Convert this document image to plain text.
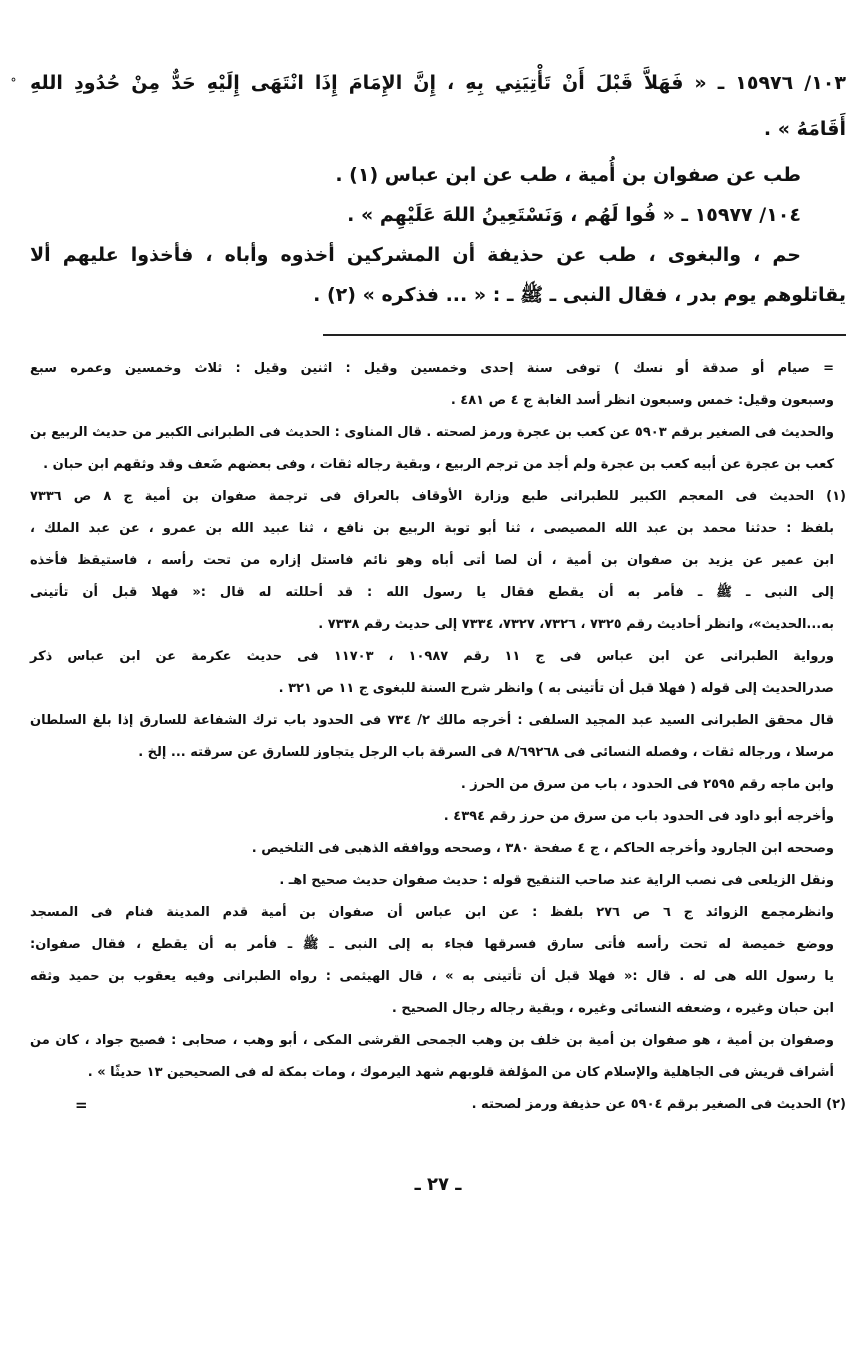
١٠٣/ ١٥٩٧٦ ـ « فَهَلاَّ قَبْلَ أَنْ تَأْتِيَنِي بِهِ ، إِنَّ الإِمَامَ إِذَا انْتَهَى إِلَيْهِ حَدٌّ مِنْ حُدُودِ اللهِ
أَقَامَهُ » .
طب عن صفوان بن أُمية ، طب عن ابن عباس (١) .
١٠٤/ ١٥٩٧٧ ـ « فُوا لَهُم ، وَنَسْتَعِينُ اللهَ عَلَيْهِم » .
حم ، والبغوى ، طب عن حذيفة أن المشركين أخذوه وأباه ، فأخذوا عليهم ألا
يقاتلوهم يوم بدر ، فقال النبى ـ ﷺ ـ : « ... فذكره » (٢) .
= صيام أو صدقة أو نسك ) توفى سنة إحدى وخمسين وقيل : اثنين وقيل : ثلاث وخمسين وعمره سبع
وسبعون وقيل: خمس وسبعون انظر أسد الغابة ج ٤ ص ٤٨١ .
والحديث فى الصغير برقم ٥٩٠٣ عن كعب بن عجرة ورمز لصحته . قال المناوى : الحديث فى الطبرانى الكبير من حديث الربيع بن
كعب بن عجرة عن أبيه كعب بن عجرة ولم أجد من ترجم الربيع ، وبقية رجاله ثقات ، وفى بعضهم ضَعف وقد وثقهم ابن حبان .
(١) الحديث فى المعجم الكبير للطبرانى طبع وزارة الأوقاف بالعراق فى ترجمة صفوان بن أمية ج ٨ ص ٧٣٣٦
بلفظ : حدثنا محمد بن عبد الله المصيصى ، ثنا أبو توبة الربيع بن نافع ، ثنا عبيد الله بن عمرو ، عن عبد الملك ،
ابن عمير عن يزيد بن صفوان بن أمية ، أن لصا أتى أباه وهو نائم فاستل إزاره من تحت رأسه ، فاستيقظ فأخذه
إلى النبى ـ ﷺ ـ فأمر به أن يقطع فقال يا رسول الله : قد أحللته له قال :« فهلا قبل أن تأتينى
به...الحديث»، وانظر أحاديث رقم ٧٣٢٥ ، ٧٣٢٦، ٧٣٢٧، ٧٣٣٤ إلى حديث رقم ٧٣٣٨ .
ورواية الطبرانى عن ابن عباس فى ج ١١ رقم ١٠٩٨٧ ، ١١٧٠٣ فى حديث عكرمة عن ابن عباس ذكر
صدرالحديث إلى قوله ( فهلا قبل أن تأتينى به ) وانظر شرح السنة للبغوى ج ١١ ص ٣٢١ .
قال محقق الطبرانى السيد عبد المجيد السلفى : أخرجه مالك ٢/ ٧٣٤ فى الحدود باب ترك الشفاعة للسارق إذا بلغ السلطان
مرسلا ، ورجاله ثقات ، وفصله النسائى فى ٨/٦٩٢٦٨ فى السرقة باب الرجل يتجاوز للسارق عن سرقته ... إلخ .
وابن ماجه رقم ٢٥٩٥ فى الحدود ، باب من سرق من الحرز .
وأخرجه أبو داود فى الحدود باب من سرق من حرز رقم ٤٣٩٤ .
وصححه ابن الجارود وأخرجه الحاكم ، ج ٤ صفحة ٣٨٠ ، وصححه ووافقه الذهبى فى التلخيص .
ونقل الزيلعى فى نصب الراية عند صاحب التنقيح قوله : حديث صفوان حديث صحيح اهـ .
وانظرمجمع الزوائد ج ٦ ص ٢٧٦ بلفظ : عن ابن عباس أن صفوان بن أمية قدم المدينة فنام فى المسجد
ووضع خميصة له تحت رأسه فأتى سارق فسرقها فجاء به إلى النبى ـ ﷺ ـ فأمر به أن يقطع ، فقال صفوان:
يا رسول الله هى له . قال :« فهلا قبل أن تأتينى به » ، قال الهيثمى : رواه الطبرانى وفيه يعقوب بن حميد وثقه
ابن حبان وغيره ، وضعفه النسائى وغيره ، وبقية رجاله رجال الصحيح .
وصفوان بن أمية ، هو صفوان بن أمية بن خلف بن وهب الجمحى القرشى المكى ، أبو وهب ، صحابى : فصيح جواد ، كان من
أشراف قريش فى الجاهلية والإسلام كان من المؤلفة قلوبهم شهد اليرموك ، ومات بمكة له فى الصحيحين ١٣ حديثًا » .
(٢) الحديث فى الصغير برقم ٥٩٠٤ عن حذيفة ورمز لصحته .
=
ـ ٢٧ ـ
